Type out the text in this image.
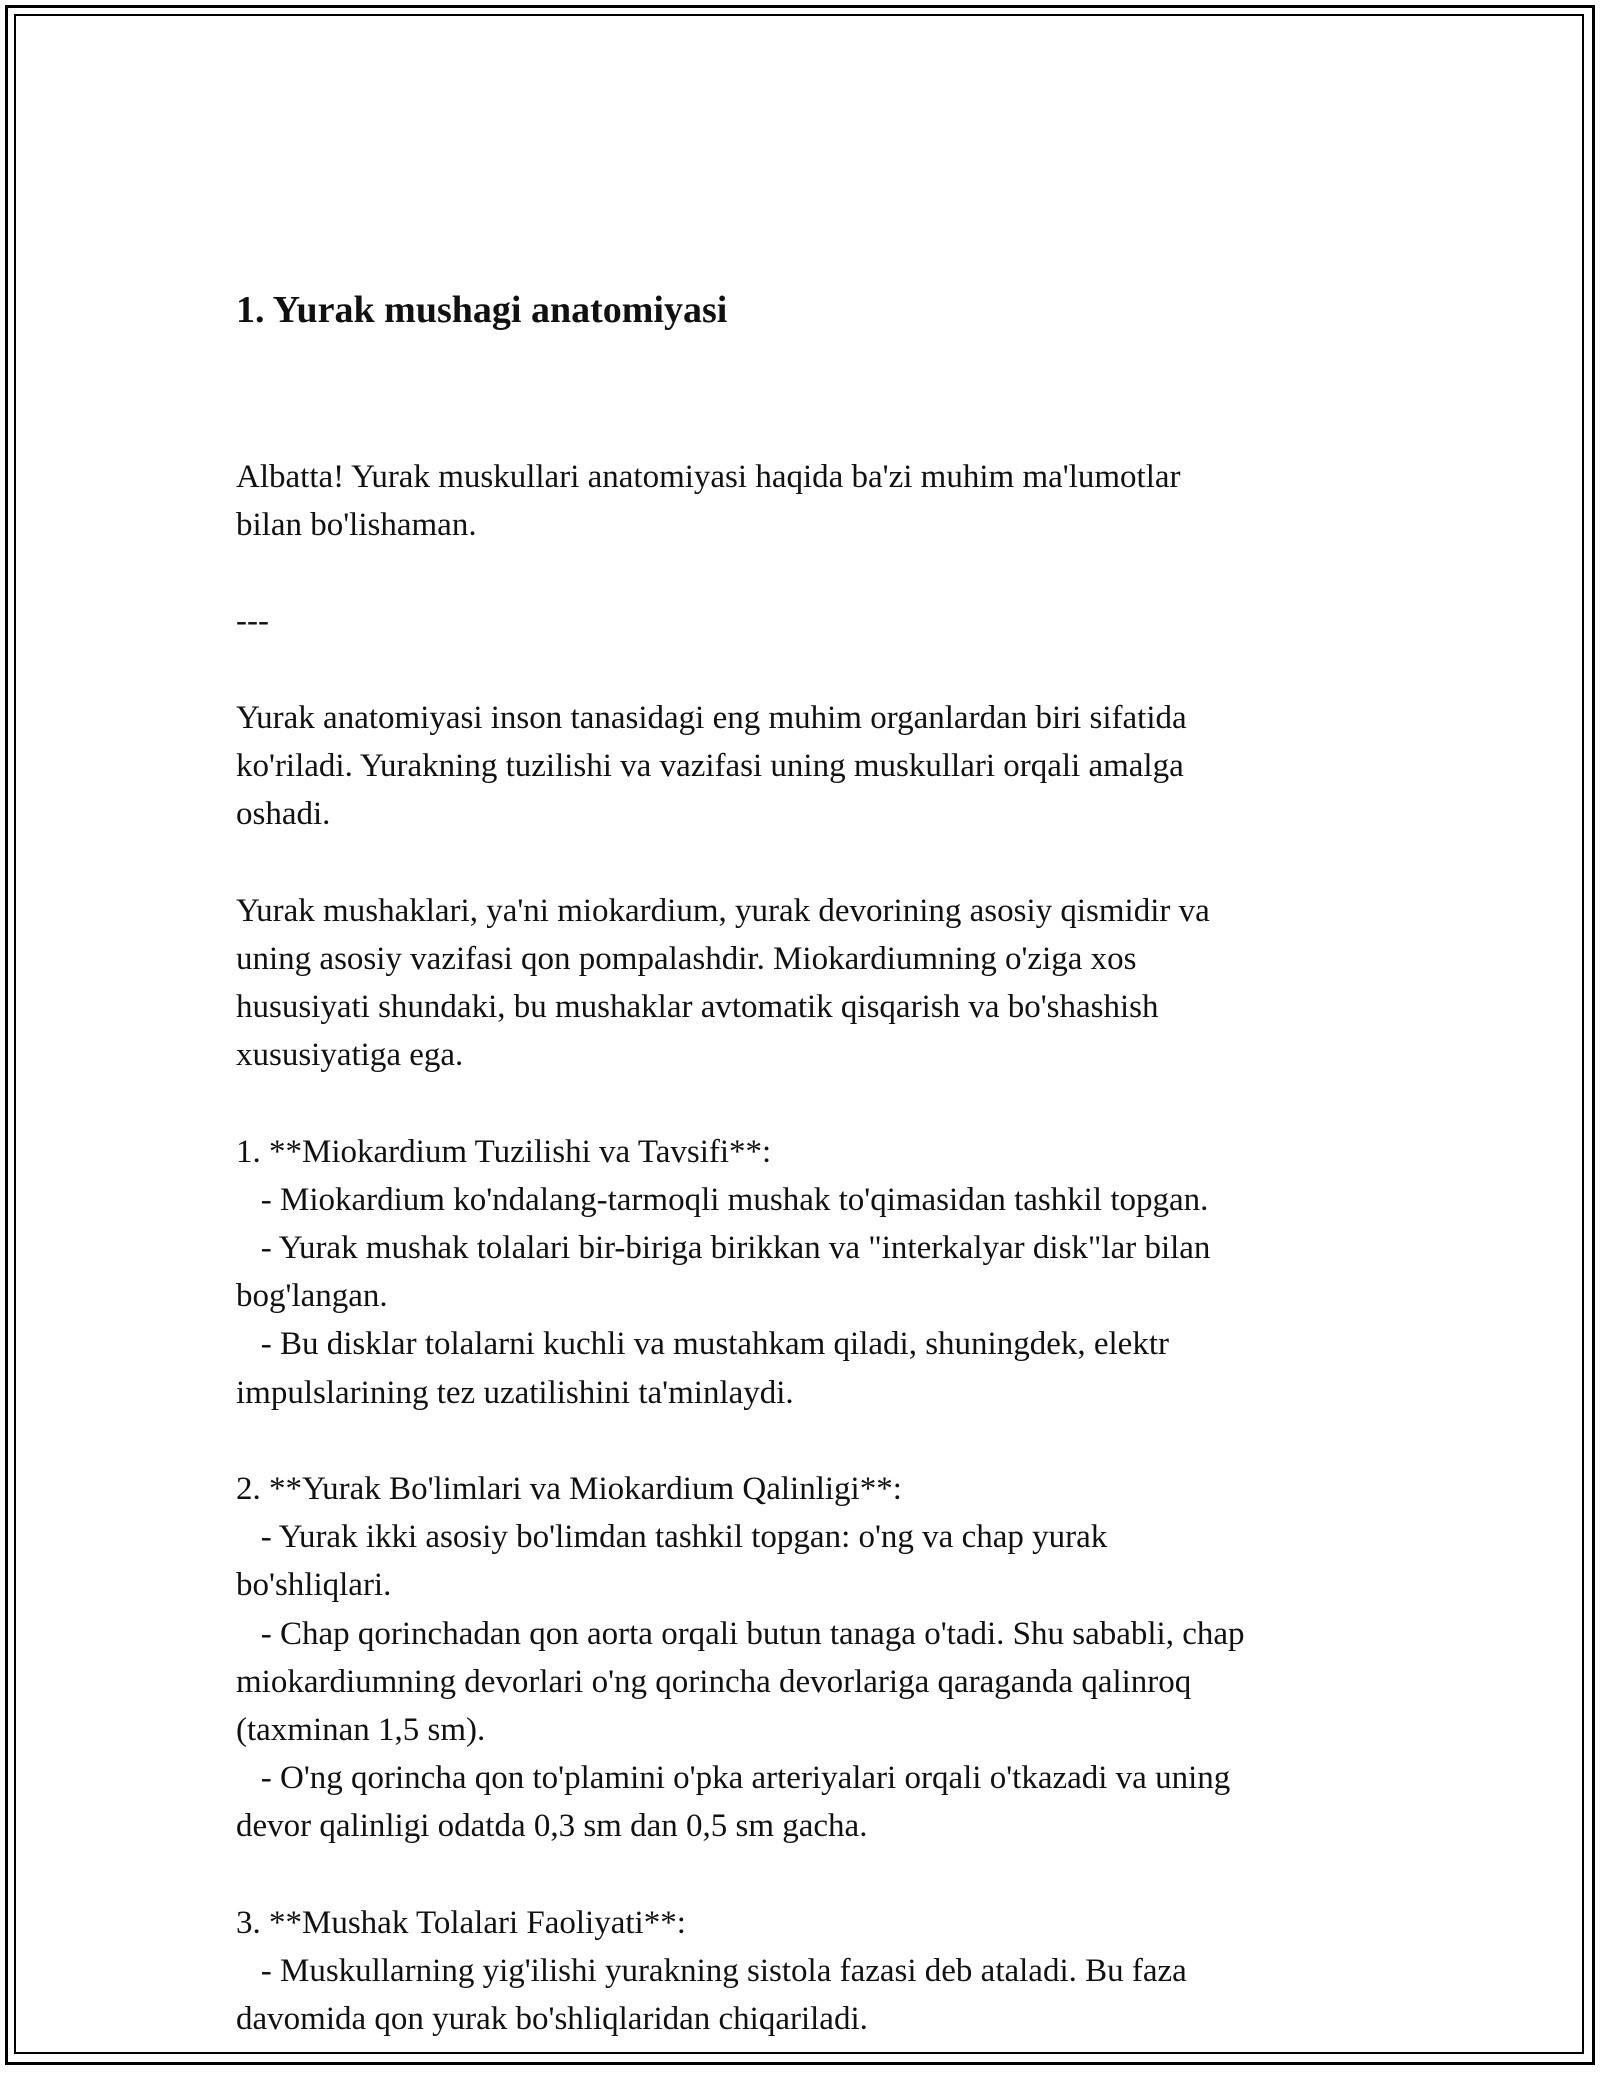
1. Yurak mushagi anatomiyasi

Albatta! Yurak muskullari anatomiyasi haqida ba'zi muhim ma'lumotlar
bilan bo'lishaman.
---
Yurak anatomiyasi inson tanasidagi eng muhim organlardan biri sifatida
ko'riladi. Yurakning tuzilishi va vazifasi uning muskullari orqali amalga
oshadi.
Yurak mushaklari, ya'ni miokardium, yurak devorining asosiy qismidir va
uning asosiy vazifasi qon pompalashdir. Miokardiumning o'ziga xos
hususiyati shundaki, bu mushaklar avtomatik qisqarish va bo'shashish
xususiyatiga ega.
1. **Miokardium Tuzilishi va Tavsifi**:
- Miokardium ko'ndalang-tarmoqli mushak to'qimasidan tashkil topgan.
- Yurak mushak tolalari bir-biriga birikkan va "interkalyar disk"lar bilan
bog'langan.
- Bu disklar tolalarni kuchli va mustahkam qiladi, shuningdek, elektr
impulslarining tez uzatilishini ta'minlaydi.
2. **Yurak Bo'limlari va Miokardium Qalinligi**:
- Yurak ikki asosiy bo'limdan tashkil topgan: o'ng va chap yurak
bo'shliqlari.
- Chap qorinchadan qon aorta orqali butun tanaga o'tadi. Shu sababli, chap
miokardiumning devorlari o'ng qorincha devorlariga qaraganda qalinroq
(taxminan 1,5 sm).
- O'ng qorincha qon to'plamini o'pka arteriyalari orqali o'tkazadi va uning
devor qalinligi odatda 0,3 sm dan 0,5 sm gacha.
3. **Mushak Tolalari Faoliyati**:
- Muskullarning yig'ilishi yurakning sistola fazasi deb ataladi. Bu faza
davomida qon yurak bo'shliqlaridan chiqariladi.
